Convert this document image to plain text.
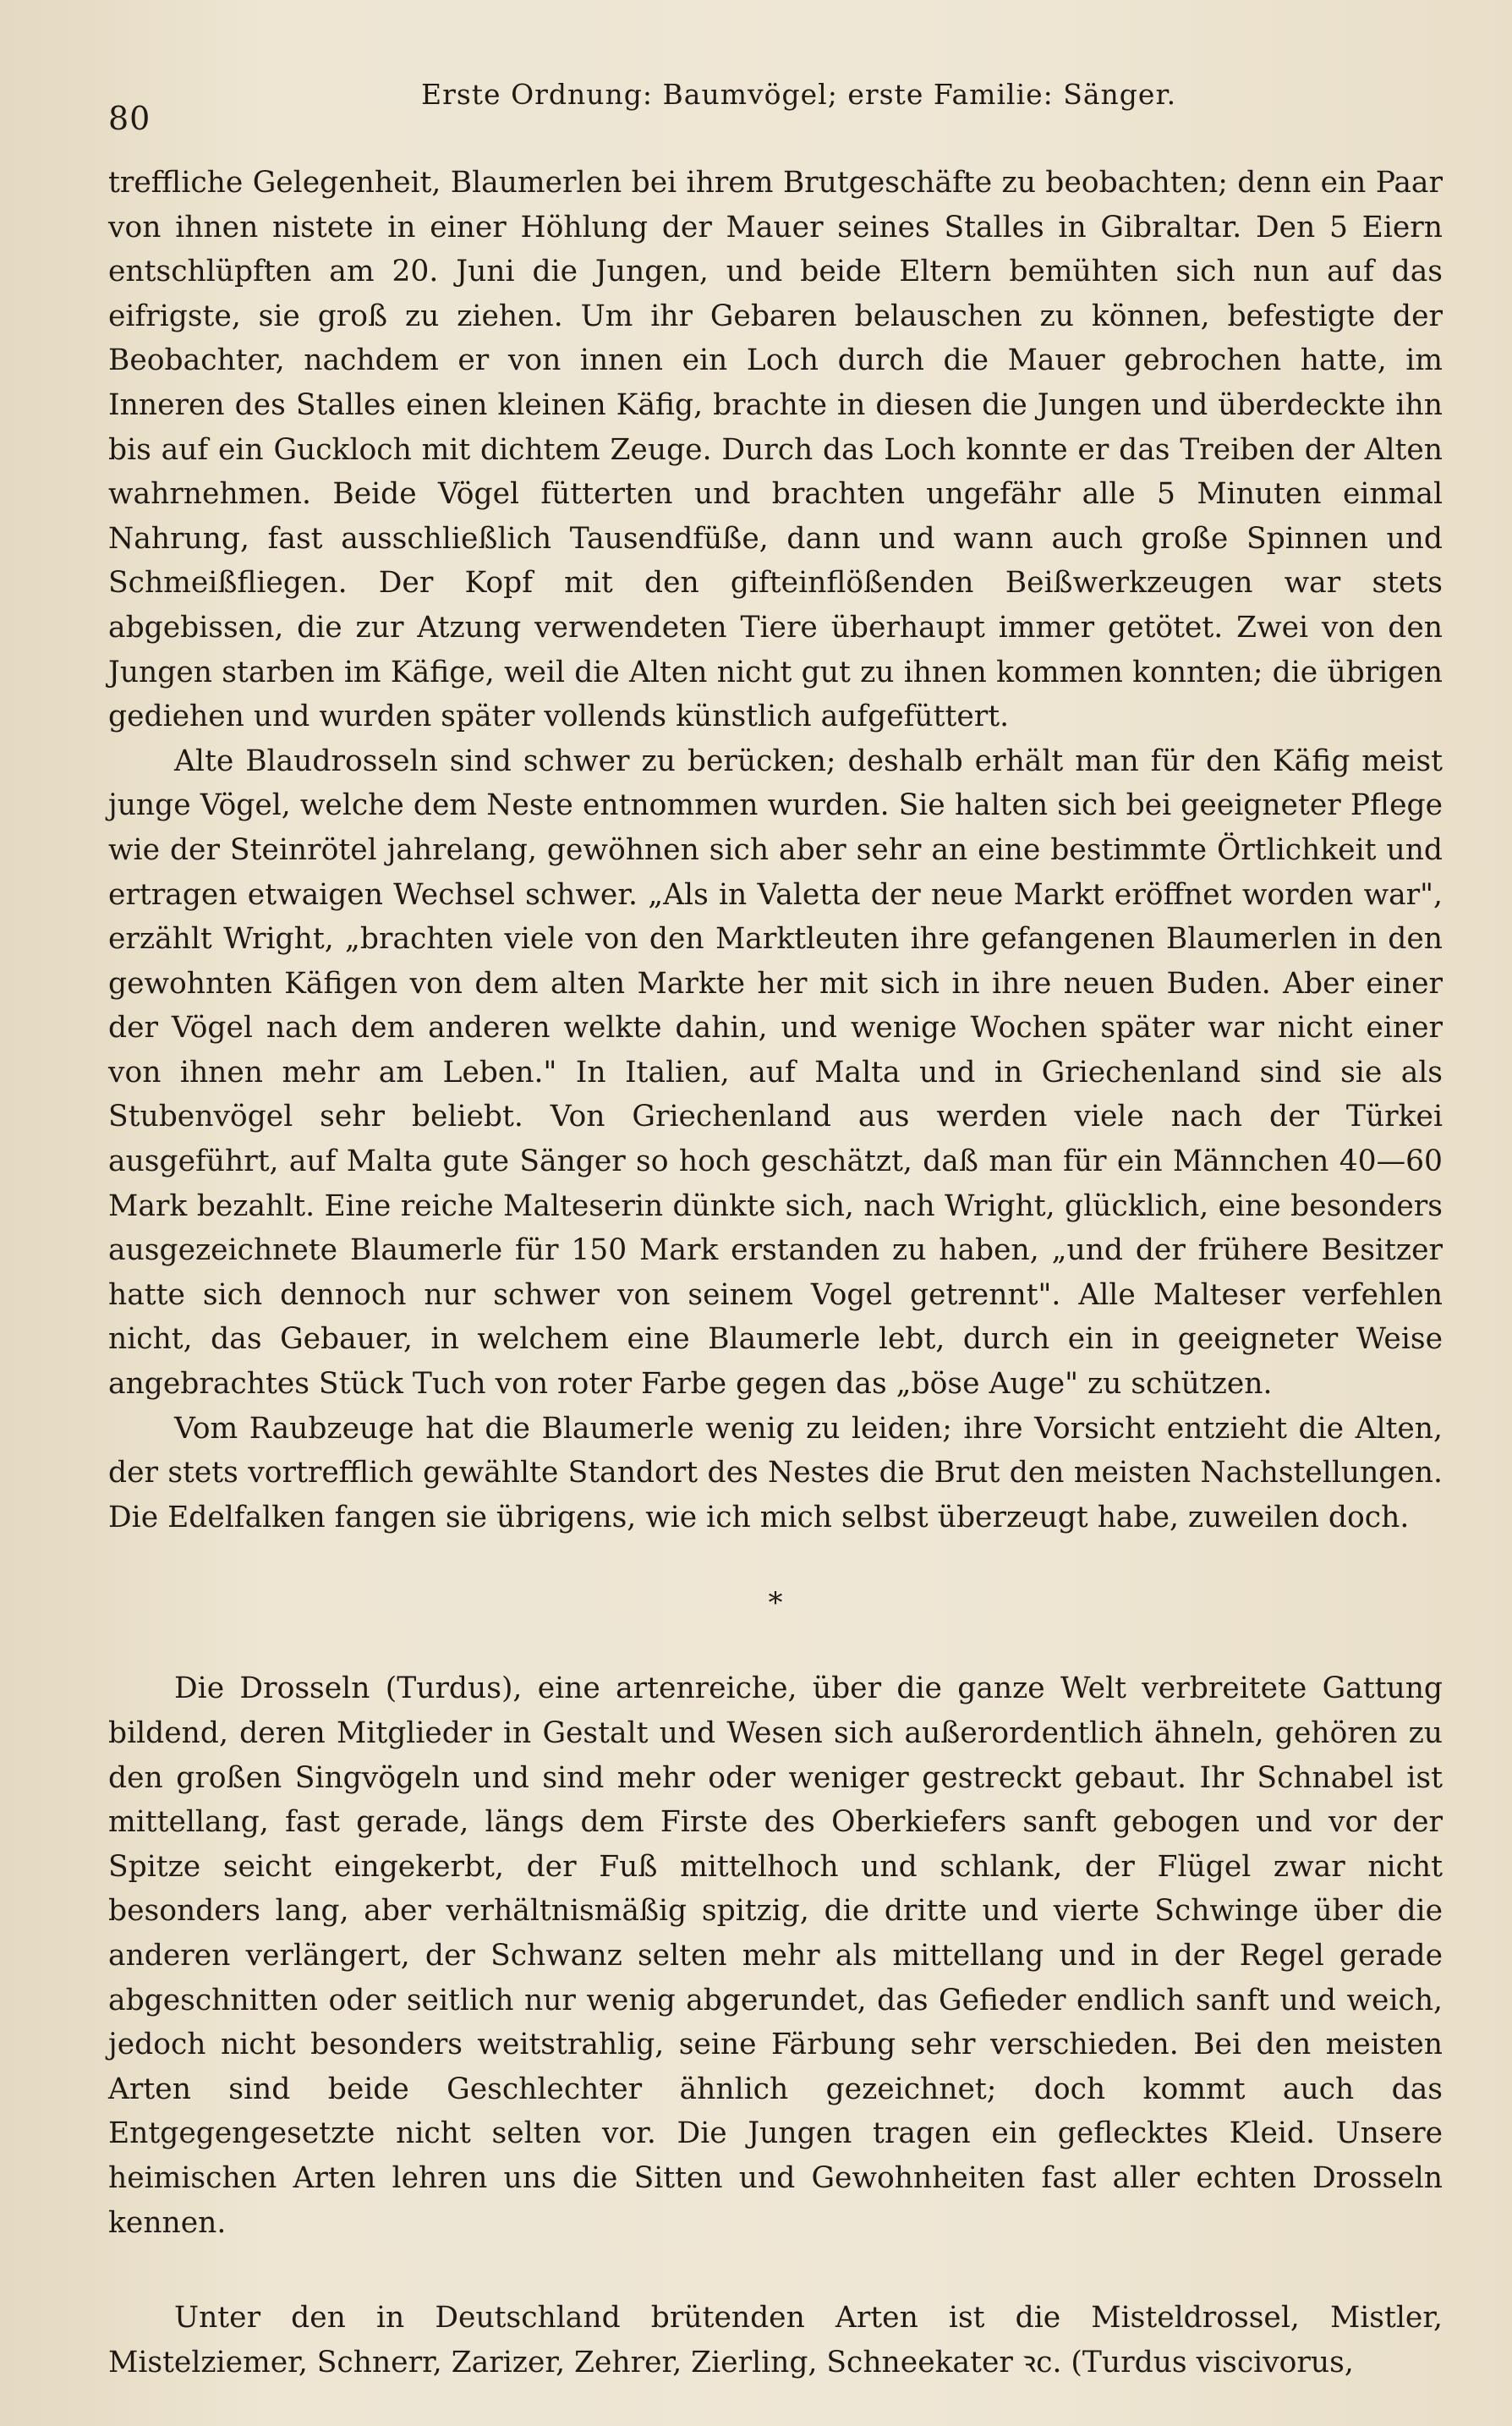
80
Erste Ordnung: Baumvögel; erste Familie: Sänger.

treffliche Gelegenheit, Blaumerlen bei ihrem Brutgeschäfte zu beobachten; denn ein Paar von ihnen nistete in einer Höhlung der Mauer seines Stalles in Gibraltar. Den 5 Eiern entschlüpften am 20. Juni die Jungen, und beide Eltern bemühten sich nun auf das eifrigste, sie groß zu ziehen. Um ihr Gebaren belauschen zu können, befestigte der Beobachter, nachdem er von innen ein Loch durch die Mauer gebrochen hatte, im Inneren des Stalles einen kleinen Käfig, brachte in diesen die Jungen und überdeckte ihn bis auf ein Guckloch mit dichtem Zeuge. Durch das Loch konnte er das Treiben der Alten wahrnehmen. Beide Vögel fütterten und brachten ungefähr alle 5 Minuten einmal Nahrung, fast ausschließlich Tausendfüße, dann und wann auch große Spinnen und Schmeißfliegen. Der Kopf mit den gifteinflößenden Beißwerkzeugen war stets abgebissen, die zur Atzung verwendeten Tiere überhaupt immer getötet. Zwei von den Jungen starben im Käfige, weil die Alten nicht gut zu ihnen kommen konnten; die übrigen gediehen und wurden später vollends künstlich aufgefüttert.

Alte Blaudrosseln sind schwer zu berücken; deshalb erhält man für den Käfig meist junge Vögel, welche dem Neste entnommen wurden. Sie halten sich bei geeigneter Pflege wie der Steinrötel jahrelang, gewöhnen sich aber sehr an eine bestimmte Örtlichkeit und ertragen etwaigen Wechsel schwer. „Als in Valetta der neue Markt eröffnet worden war", erzählt Wright, „brachten viele von den Marktleuten ihre gefangenen Blaumerlen in den gewohnten Käfigen von dem alten Markte her mit sich in ihre neuen Buden. Aber einer der Vögel nach dem anderen welkte dahin, und wenige Wochen später war nicht einer von ihnen mehr am Leben." In Italien, auf Malta und in Griechenland sind sie als Stubenvögel sehr beliebt. Von Griechenland aus werden viele nach der Türkei ausgeführt, auf Malta gute Sänger so hoch geschätzt, daß man für ein Männchen 40—60 Mark bezahlt. Eine reiche Malteserin dünkte sich, nach Wright, glücklich, eine besonders ausgezeichnete Blaumerle für 150 Mark erstanden zu haben, „und der frühere Besitzer hatte sich dennoch nur schwer von seinem Vogel getrennt". Alle Malteser verfehlen nicht, das Gebauer, in welchem eine Blaumerle lebt, durch ein in geeigneter Weise angebrachtes Stück Tuch von roter Farbe gegen das „böse Auge" zu schützen.

Vom Raubzeuge hat die Blaumerle wenig zu leiden; ihre Vorsicht entzieht die Alten, der stets vortrefflich gewählte Standort des Nestes die Brut den meisten Nachstellungen. Die Edelfalken fangen sie übrigens, wie ich mich selbst überzeugt habe, zuweilen doch.

*

Die Drosseln (Turdus), eine artenreiche, über die ganze Welt verbreitete Gattung bildend, deren Mitglieder in Gestalt und Wesen sich außerordentlich ähneln, gehören zu den großen Singvögeln und sind mehr oder weniger gestreckt gebaut. Ihr Schnabel ist mittellang, fast gerade, längs dem Firste des Oberkiefers sanft gebogen und vor der Spitze seicht eingekerbt, der Fuß mittelhoch und schlank, der Flügel zwar nicht besonders lang, aber verhältnismäßig spitzig, die dritte und vierte Schwinge über die anderen verlängert, der Schwanz selten mehr als mittellang und in der Regel gerade abgeschnitten oder seitlich nur wenig abgerundet, das Gefieder endlich sanft und weich, jedoch nicht besonders weitstrahlig, seine Färbung sehr verschieden. Bei den meisten Arten sind beide Geschlechter ähnlich gezeichnet; doch kommt auch das Entgegengesetzte nicht selten vor. Die Jungen tragen ein geflecktes Kleid. Unsere heimischen Arten lehren uns die Sitten und Gewohnheiten fast aller echten Drosseln kennen.

Unter den in Deutschland brütenden Arten ist die Misteldrossel, Mistler, Mistelziemer, Schnerr, Zarizer, Zehrer, Zierling, Schneekater ꝛc. (Turdus viscivorus,
